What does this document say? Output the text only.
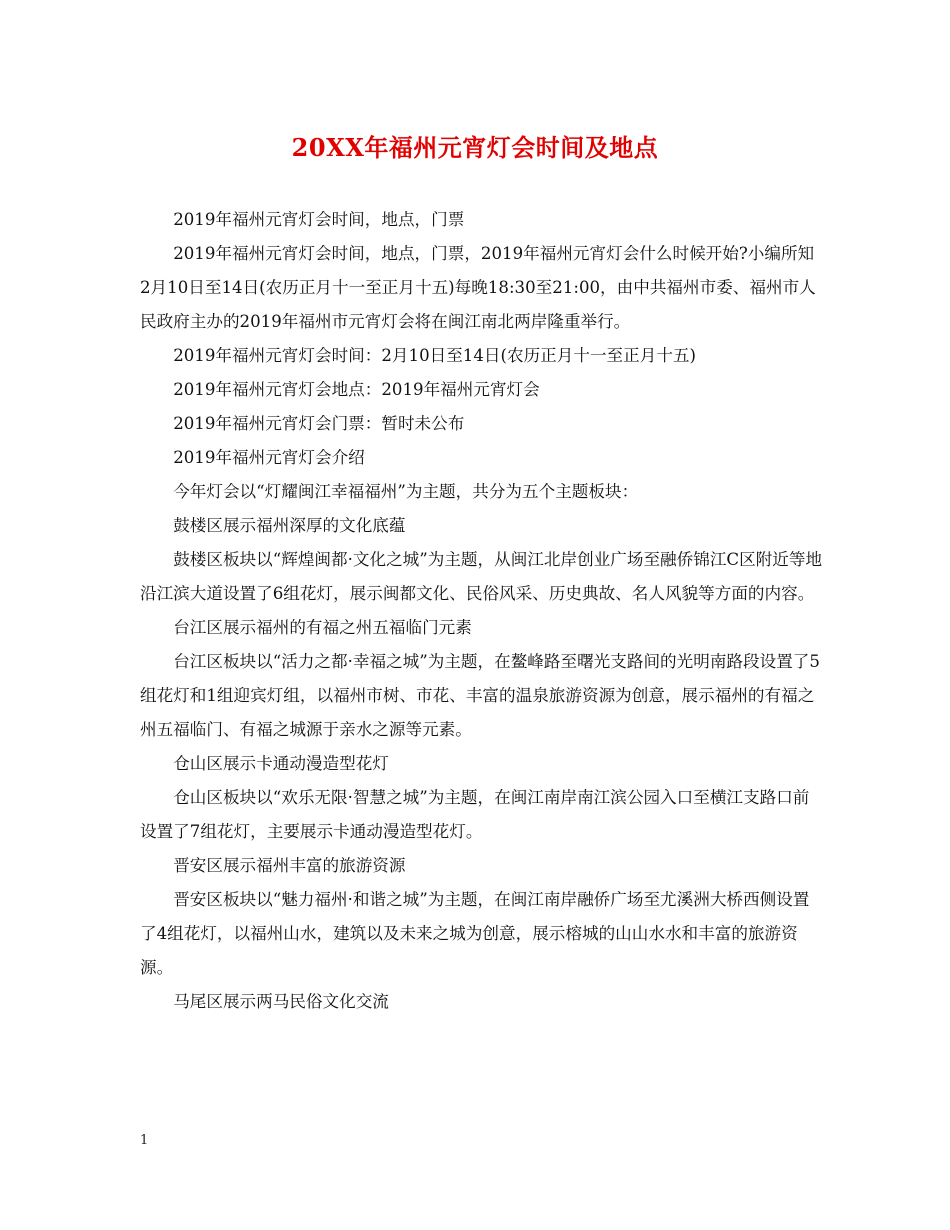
20XX年福州元宵灯会时间及地点

2019年福州元宵灯会时间，地点，门票

2019年福州元宵灯会时间，地点，门票，2019年福州元宵灯会什么时候开始?小编所知2月10日至14日(农历正月十一至正月十五)每晚18:30至21:00，由中共福州市委、福州市人民政府主办的2019年福州市元宵灯会将在闽江南北两岸隆重举行。

2019年福州元宵灯会时间：2月10日至14日(农历正月十一至正月十五)

2019年福州元宵灯会地点：2019年福州元宵灯会

2019年福州元宵灯会门票：暂时未公布

2019年福州元宵灯会介绍

今年灯会以“灯耀闽江幸福福州”为主题，共分为五个主题板块：

鼓楼区展示福州深厚的文化底蕴

鼓楼区板块以“辉煌闽都·文化之城”为主题，从闽江北岸创业广场至融侨锦江C区附近等地沿江滨大道设置了6组花灯，展示闽都文化、民俗风采、历史典故、名人风貌等方面的内容。

台江区展示福州的有福之州五福临门元素

台江区板块以“活力之都·幸福之城”为主题，在鳌峰路至曙光支路间的光明南路段设置了5组花灯和1组迎宾灯组，以福州市树、市花、丰富的温泉旅游资源为创意，展示福州的有福之州五福临门、有福之城源于亲水之源等元素。

仓山区展示卡通动漫造型花灯

仓山区板块以“欢乐无限·智慧之城”为主题，在闽江南岸南江滨公园入口至横江支路口前设置了7组花灯，主要展示卡通动漫造型花灯。

晋安区展示福州丰富的旅游资源

晋安区板块以“魅力福州·和谐之城”为主题，在闽江南岸融侨广场至尤溪洲大桥西侧设置了4组花灯，以福州山水，建筑以及未来之城为创意，展示榕城的山山水水和丰富的旅游资源。

马尾区展示两马民俗文化交流

1
